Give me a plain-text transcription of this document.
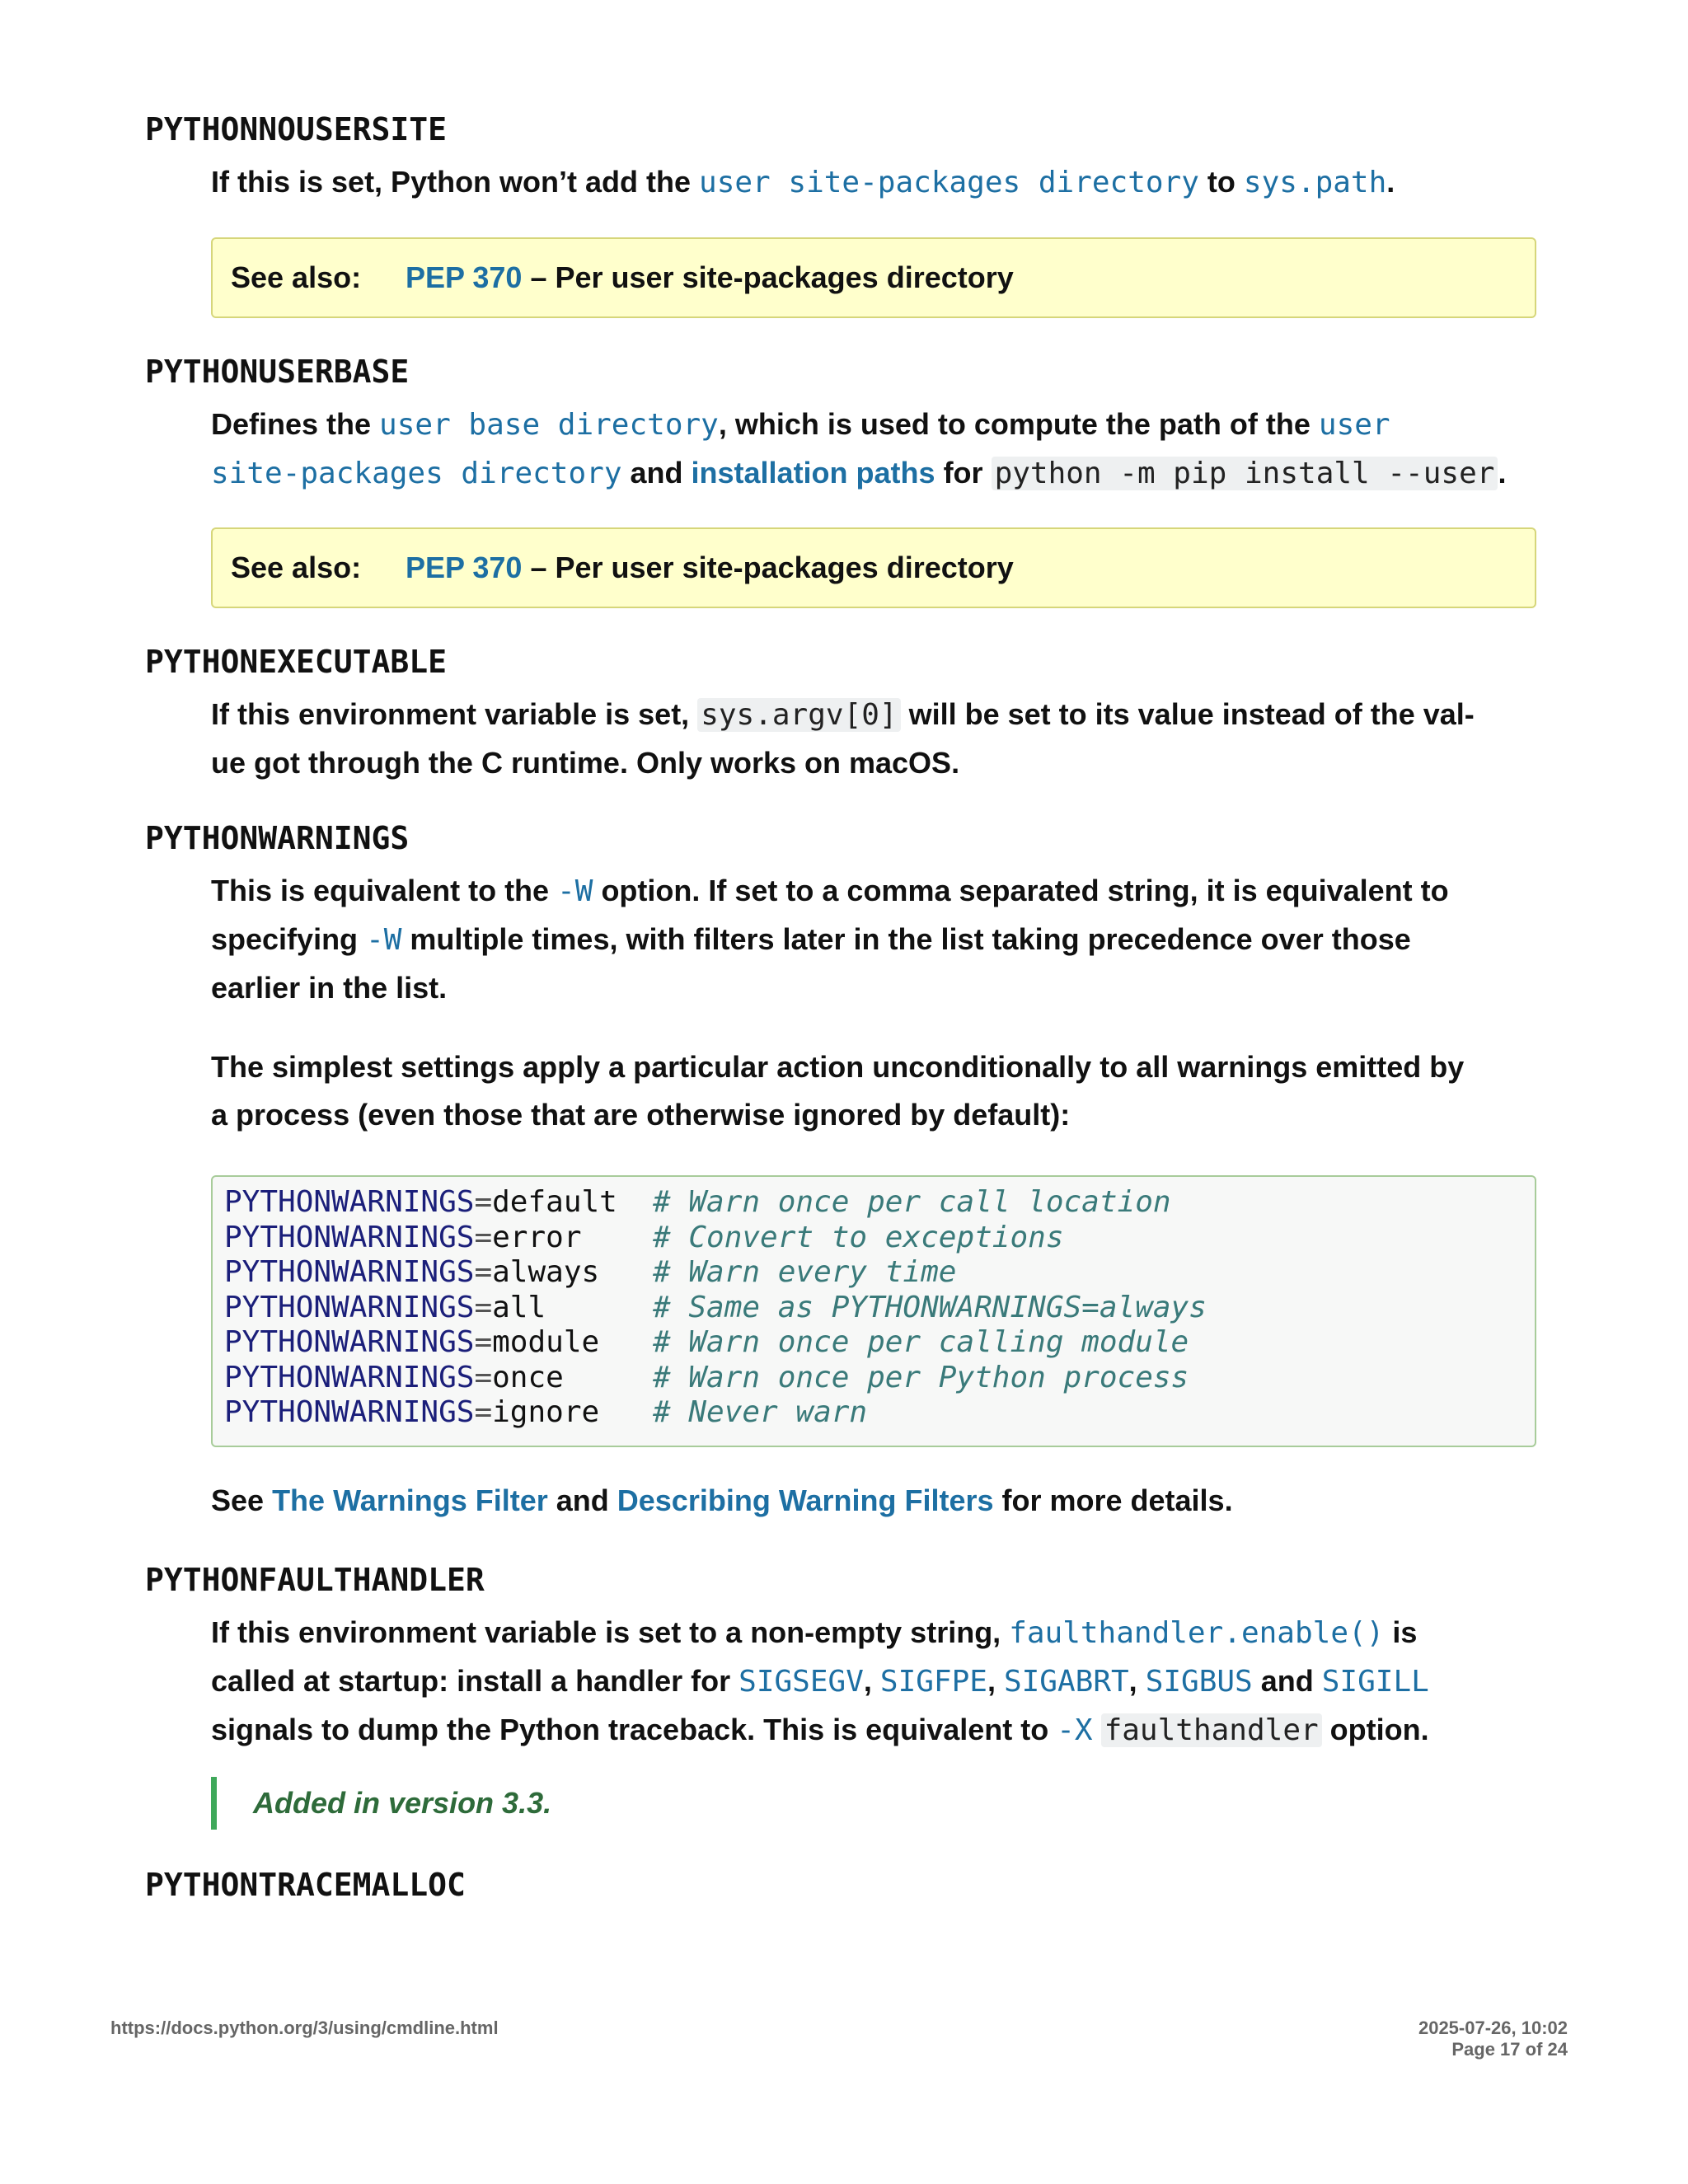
PYTHONNOUSERSITE

If this is set, Python won’t add the user site-packages directory to sys.path.

See also: PEP 370 – Per user site-packages directory
PYTHONUSERBASE

Defines the user base directory, which is used to compute the path of the user
site-packages directory and installation paths for python -m pip install --user .

See also: PEP 370 – Per user site-packages directory
PYTHONEXECUTABLE

If this environment variable is set, sys.argv[0] will be set to its value instead of the val-
ue got through the C runtime. Only works on macOS.

PYTHONWARNINGS

This is equivalent to the -W option. If set to a comma separated string, it is equivalent to
specifying -W multiple times, with filters later in the list taking precedence over those
earlier in the list.

The simplest settings apply a particular action unconditionally to all warnings emitted by
a process (even those that are otherwise ignored by default):

PYTHONWARNINGS=default # Warn once per call location
PYTHONWARNINGS=error # Convert to exceptions
PYTHONWARNINGS=always # Warn every time
PYTHONWARNINGS=all	# Same as PYTHONWARNINGS=always
PYTHONWARNINGS=module # Warn once per calling module
PYTHONWARNINGS=once	# Warn once per Python process
PYTHONWARNINGS=ignore # Never warn

See The Warnings Filter and Describing Warning Filters for more details.

PYTHONFAULTHANDLER

If this environment variable is set to a non-empty string, faulthandler.enable() is
called at startup: install a handler for SIGSEGV, SIGFPE, SIGABRT, SIGBUS and SIGILL
signals to dump the Python traceback. This is equivalent to -X faulthandler option.

Added in version 3.3.
PYTHONTRACEMALLOC
https://docs.python.org/3/using/cmdline.html	2025-07-26, 10:02
Page 17 of 24
